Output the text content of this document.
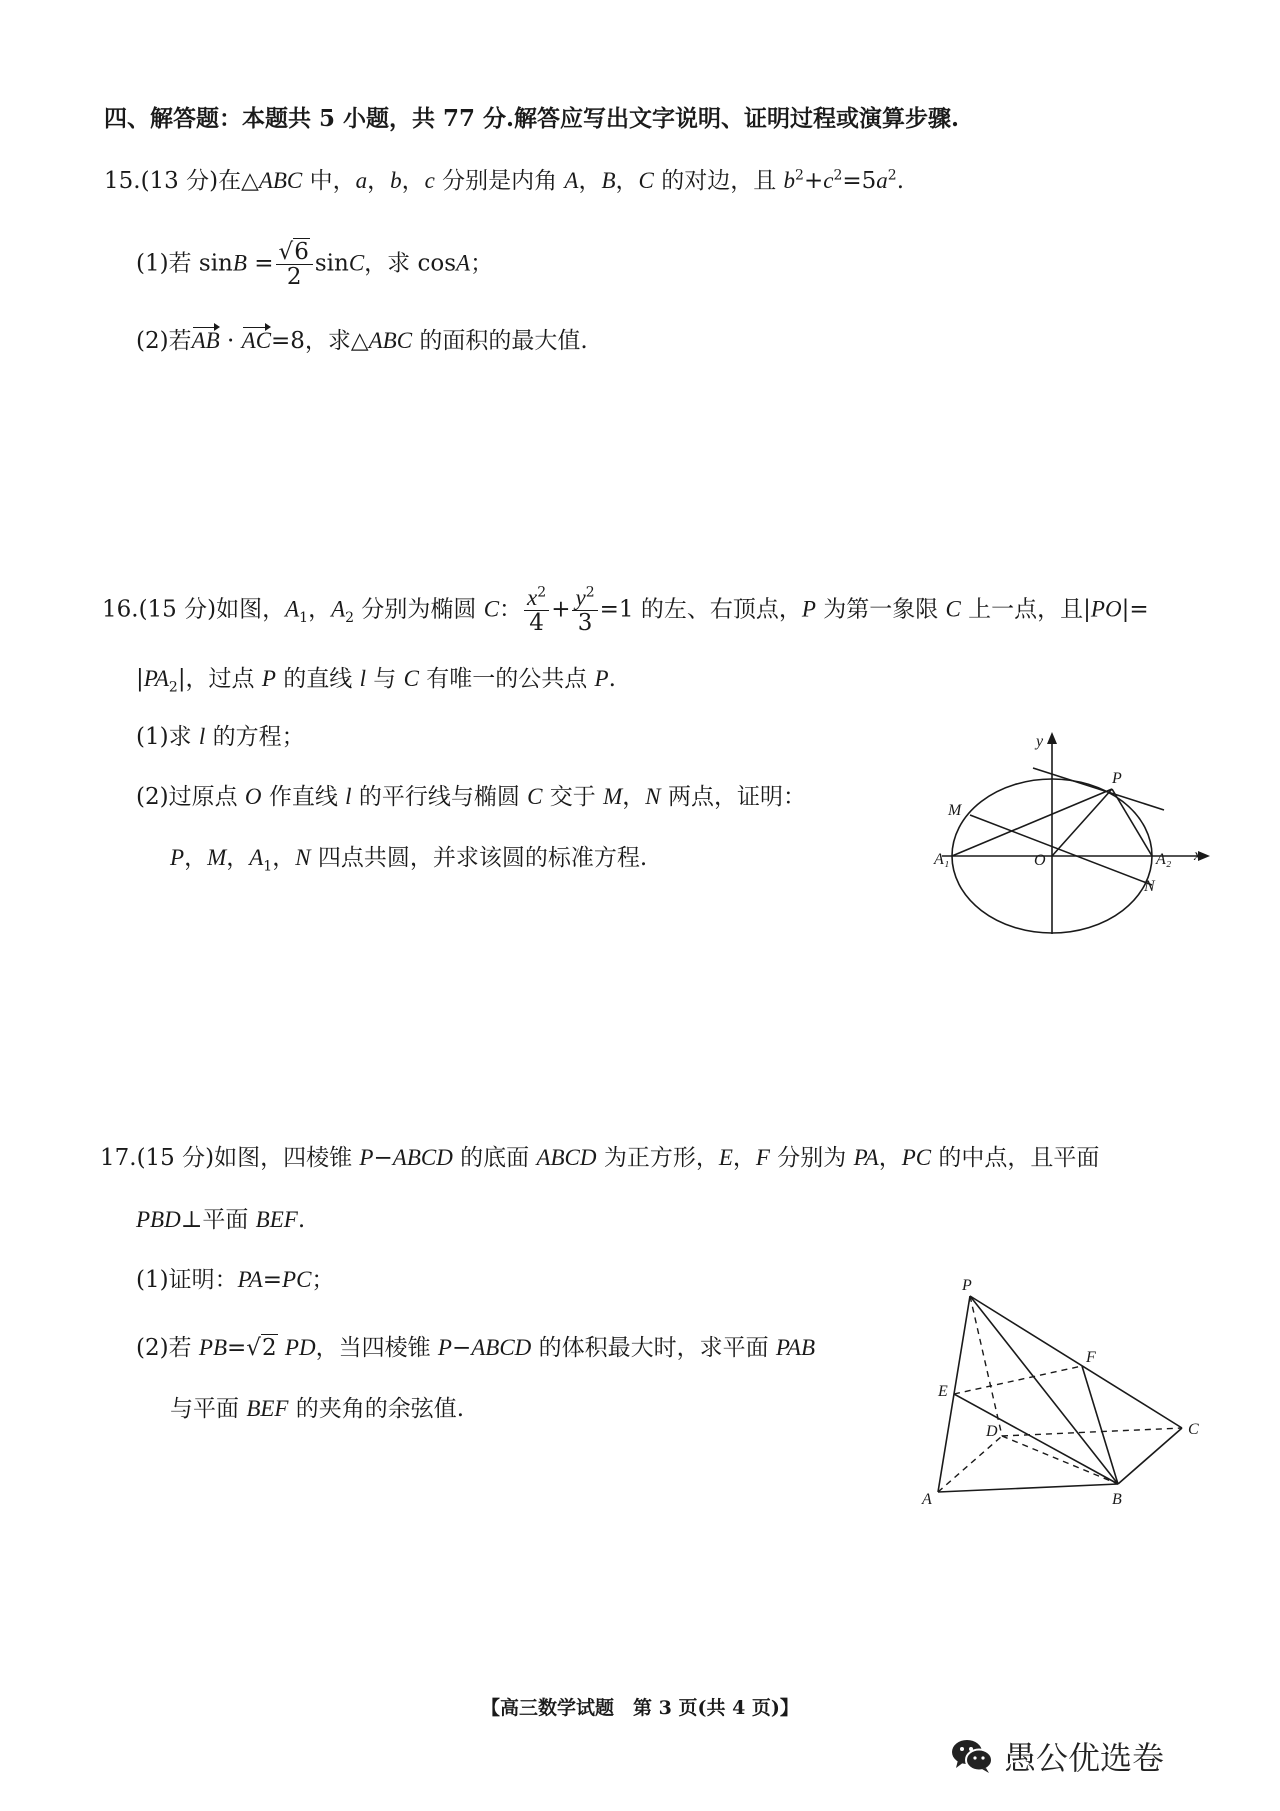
四、解答题：本题共 5 小题，共 77 分.解答应写出文字说明、证明过程或演算步骤.
15.(13 分)在△ABC 中，a，b，c 分别是内角 A，B，C 的对边，且 $b^2+c^2=5a^2$.
(1)若 $\sin B = \frac{√6}{2}$ sinC，求 cosA；
(2)若AB · AC=8，求△ABC 的面积的最大值.
16.(15 分)如图，$A_1$，$A_2$ 分别为椭圆 C： $\frac{x^2}{4} + \frac{y^2}{3} =1$ 的左、右顶点，P 为第一象限 C 上一点，且|PO|=
$|PA_2|$，过点 P 的直线 l 与 C 有唯一的公共点 P.
(1)求 l 的方程；
(2)过原点 O 作直线 l 的平行线与椭圆 C 交于 M，N 两点，证明：
P，M，$A_1$，N 四点共圆，并求该圆的标准方程.
y
x
O
P
M
N
A₁	A₂
17.(15 分)如图，四棱锥 P−ABCD 的底面 ABCD 为正方形，E，F 分别为 PA，PC 的中点，且平面
PBD⊥平面 BEF.
(1)证明：PA=PC；
(2)若 PB=√2 PD，当四棱锥 P−ABCD 的体积最大时，求平面 PAB
与平面 BEF 的夹角的余弦值.
P
A	B
C
D
E
F
【高三数学试题　第 3 页(共 4 页)】
愚公优选卷
